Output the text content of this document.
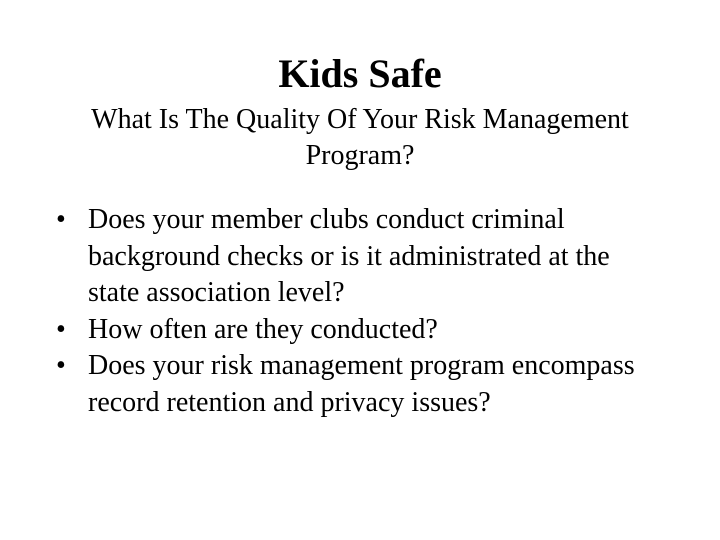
Kids Safe

What Is The Quality Of Your Risk Management Program?

• Does your member clubs conduct criminal background checks or is it administrated at the state association level?
• How often are they conducted?
• Does your risk management program encompass record retention and privacy issues?
